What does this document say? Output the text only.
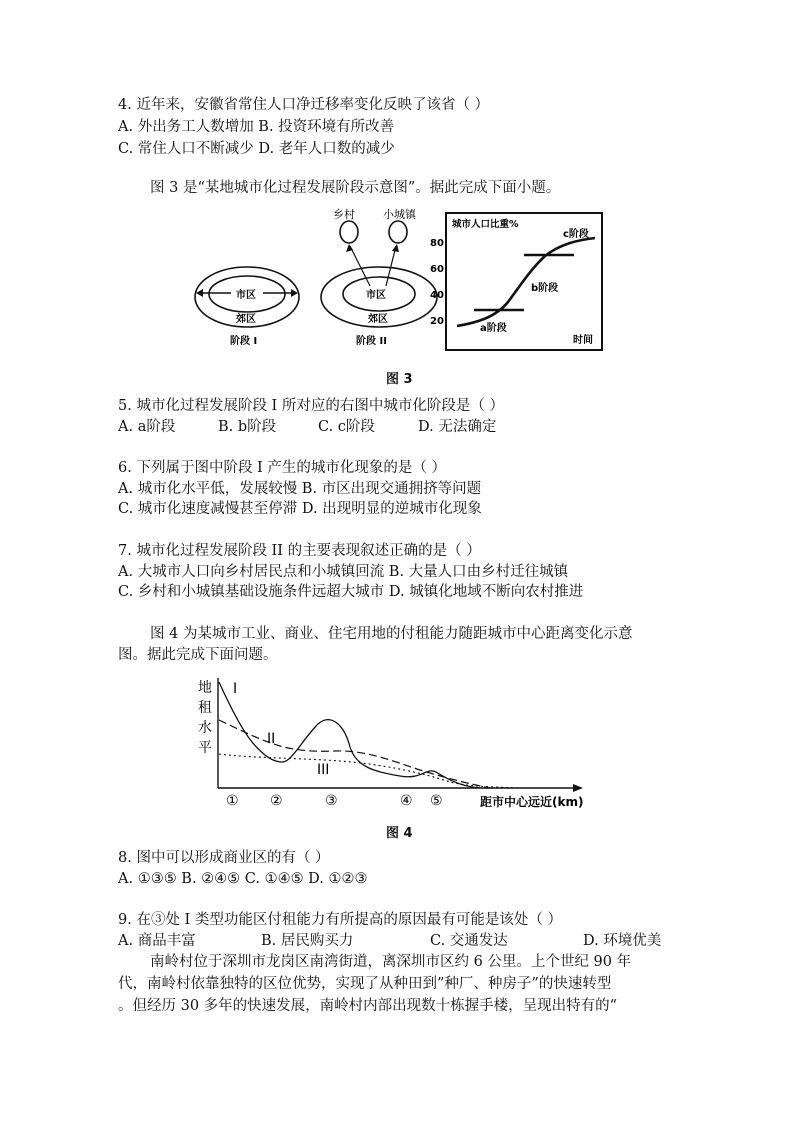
4. 近年来，安徽省常住人口净迁移率变化反映了该省（ ）
A. 外出务工人数增加 B. 投资环境有所改善
C. 常住人口不断减少 D. 老年人口数的减少
图 3 是“某地城市化过程发展阶段示意图”。据此完成下面小题。
乡村	小城镇
市区
郊区
阶段 I
市区
郊区
阶段 II
城市人口比重%
80
60
40
20
a阶段
b阶段
c阶段
时间
图 3
5. 城市化过程发展阶段 I 所对应的右图中城市化阶段是（ ）
A. a阶段	B. b阶段	C. c阶段	D. 无法确定
6. 下列属于图中阶段 I 产生的城市化现象的是（ ）
A. 城市化水平低，发展较慢 B. 市区出现交通拥挤等问题
C. 城市化速度减慢甚至停滞 D. 出现明显的逆城市化现象
7. 城市化过程发展阶段 II 的主要表现叙述正确的是（ ）
A. 大城市人口向乡村居民点和小城镇回流 B. 大量人口由乡村迁往城镇
C. 乡村和小城镇基础设施条件远超大城市 D. 城镇化地域不断向农村推进
图 4 为某城市工业、商业、住宅用地的付租能力随距城市中心距离变化示意
图。据此完成下面问题。
地
租
水
平
I
II
III
① ②	③	④ ⑤	距市中心远近(km)
图 4
8. 图中可以形成商业区的有（ ）
A. ①③⑤ B. ②④⑤ C. ①④⑤ D. ①②③
9. 在③处 I 类型功能区付租能力有所提高的原因最有可能是该处（ ）
A. 商品丰富	B. 居民购买力	C. 交通发达	D. 环境优美
南岭村位于深圳市龙岗区南湾街道，离深圳市区约 6 公里。上个世纪 90 年
代，南岭村依靠独特的区位优势，实现了从种田到”种厂、种房子”的快速转型
。但经历 30 多年的快速发展，南岭村内部出现数十栋握手楼，呈现出特有的“
